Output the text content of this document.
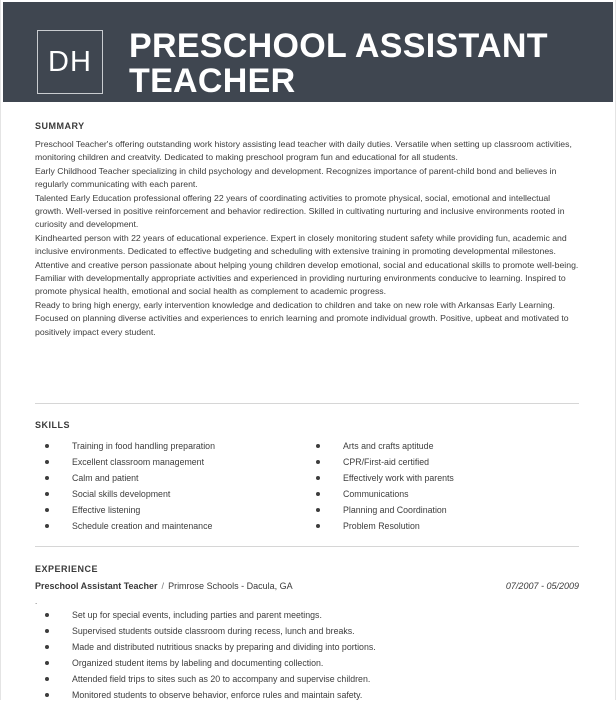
DH	PRESCHOOL ASSISTANT
TEACHER
SUMMARY

Preschool Teacher's offering outstanding work history assisting lead teacher with daily duties. Versatile when setting up classroom activities, monitoring children and creatvity. Dedicated to making preschool program fun and educational for all students.

Early Childhood Teacher specializing in child psychology and development. Recognizes importance of parent-child bond and believes in regularly communicating with each parent.

Talented Early Education professional offering 22 years of coordinating activities to promote physical, social, emotional and intellectual growth. Well-versed in positive reinforcement and behavior redirection. Skilled in cultivating nurturing and inclusive environments rooted in curiosity and development.

Kindhearted person with 22 years of educational experience. Expert in closely monitoring student safety while providing fun, academic and inclusive environments. Dedicated to effective budgeting and scheduling with extensive training in promoting developmental milestones.

Attentive and creative person passionate about helping young children develop emotional, social and educational skills to promote well-being. Familiar with developmentally appropriate activities and experienced in providing nurturing environments conducive to learning. Inspired to promote physical health, emotional and social health as complement to academic progress.

Ready to bring high energy, early intervention knowledge and dedication to children and take on new role with Arkansas Early Learning. Focused on planning diverse activities and experiences to enrich learning and promote individual growth. Positive, upbeat and motivated to positively impact every student.

SKILLS
Training in food handling preparation
Excellent classroom management
Calm and patient
Social skills development
Effective listening
Schedule creation and maintenance
Arts and crafts aptitude
CPR/First-aid certified
Effectively work with parents
Communications
Planning and Coordination
Problem Resolution
EXPERIENCE
Preschool Assistant Teacher / Primrose Schools - Dacula, GA	07/2007 - 05/2009
.
Set up for special events, including parties and parent meetings.
Supervised students outside classroom during recess, lunch and breaks.
Made and distributed nutritious snacks by preparing and dividing into portions.
Organized student items by labeling and documenting collection.
Attended field trips to sites such as 20 to accompany and supervise children.
Monitored students to observe behavior, enforce rules and maintain safety.
